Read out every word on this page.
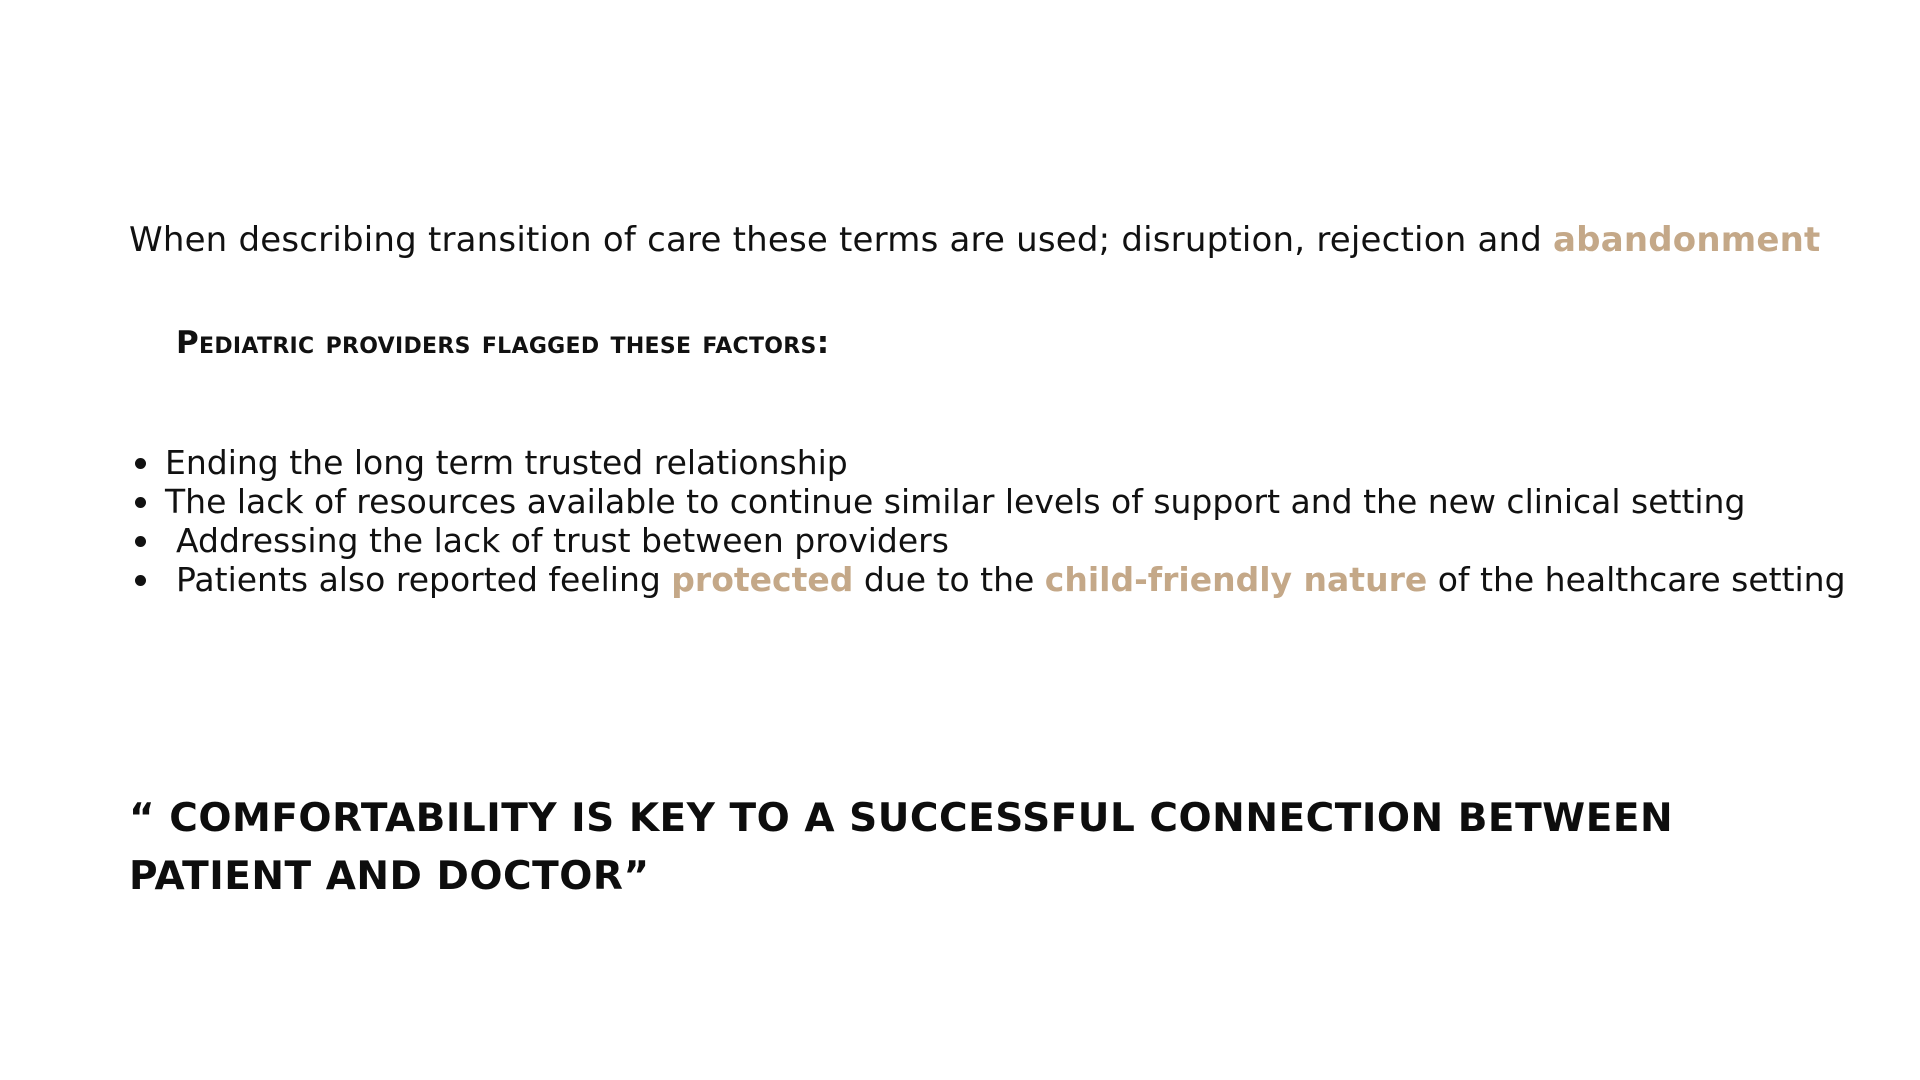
When describing transition of care these terms are used; disruption, rejection and abandonment

Pediatric providers flagged these factors:
Ending the long term trusted relationship
The lack of resources available to continue similar levels of support and the new clinical setting
Addressing the lack of trust between providers
Patients also reported feeling protected due to the child-friendly nature of the healthcare setting
“ COMFORTABILITY IS KEY TO A SUCCESSFUL CONNECTION BETWEEN PATIENT AND DOCTOR”
